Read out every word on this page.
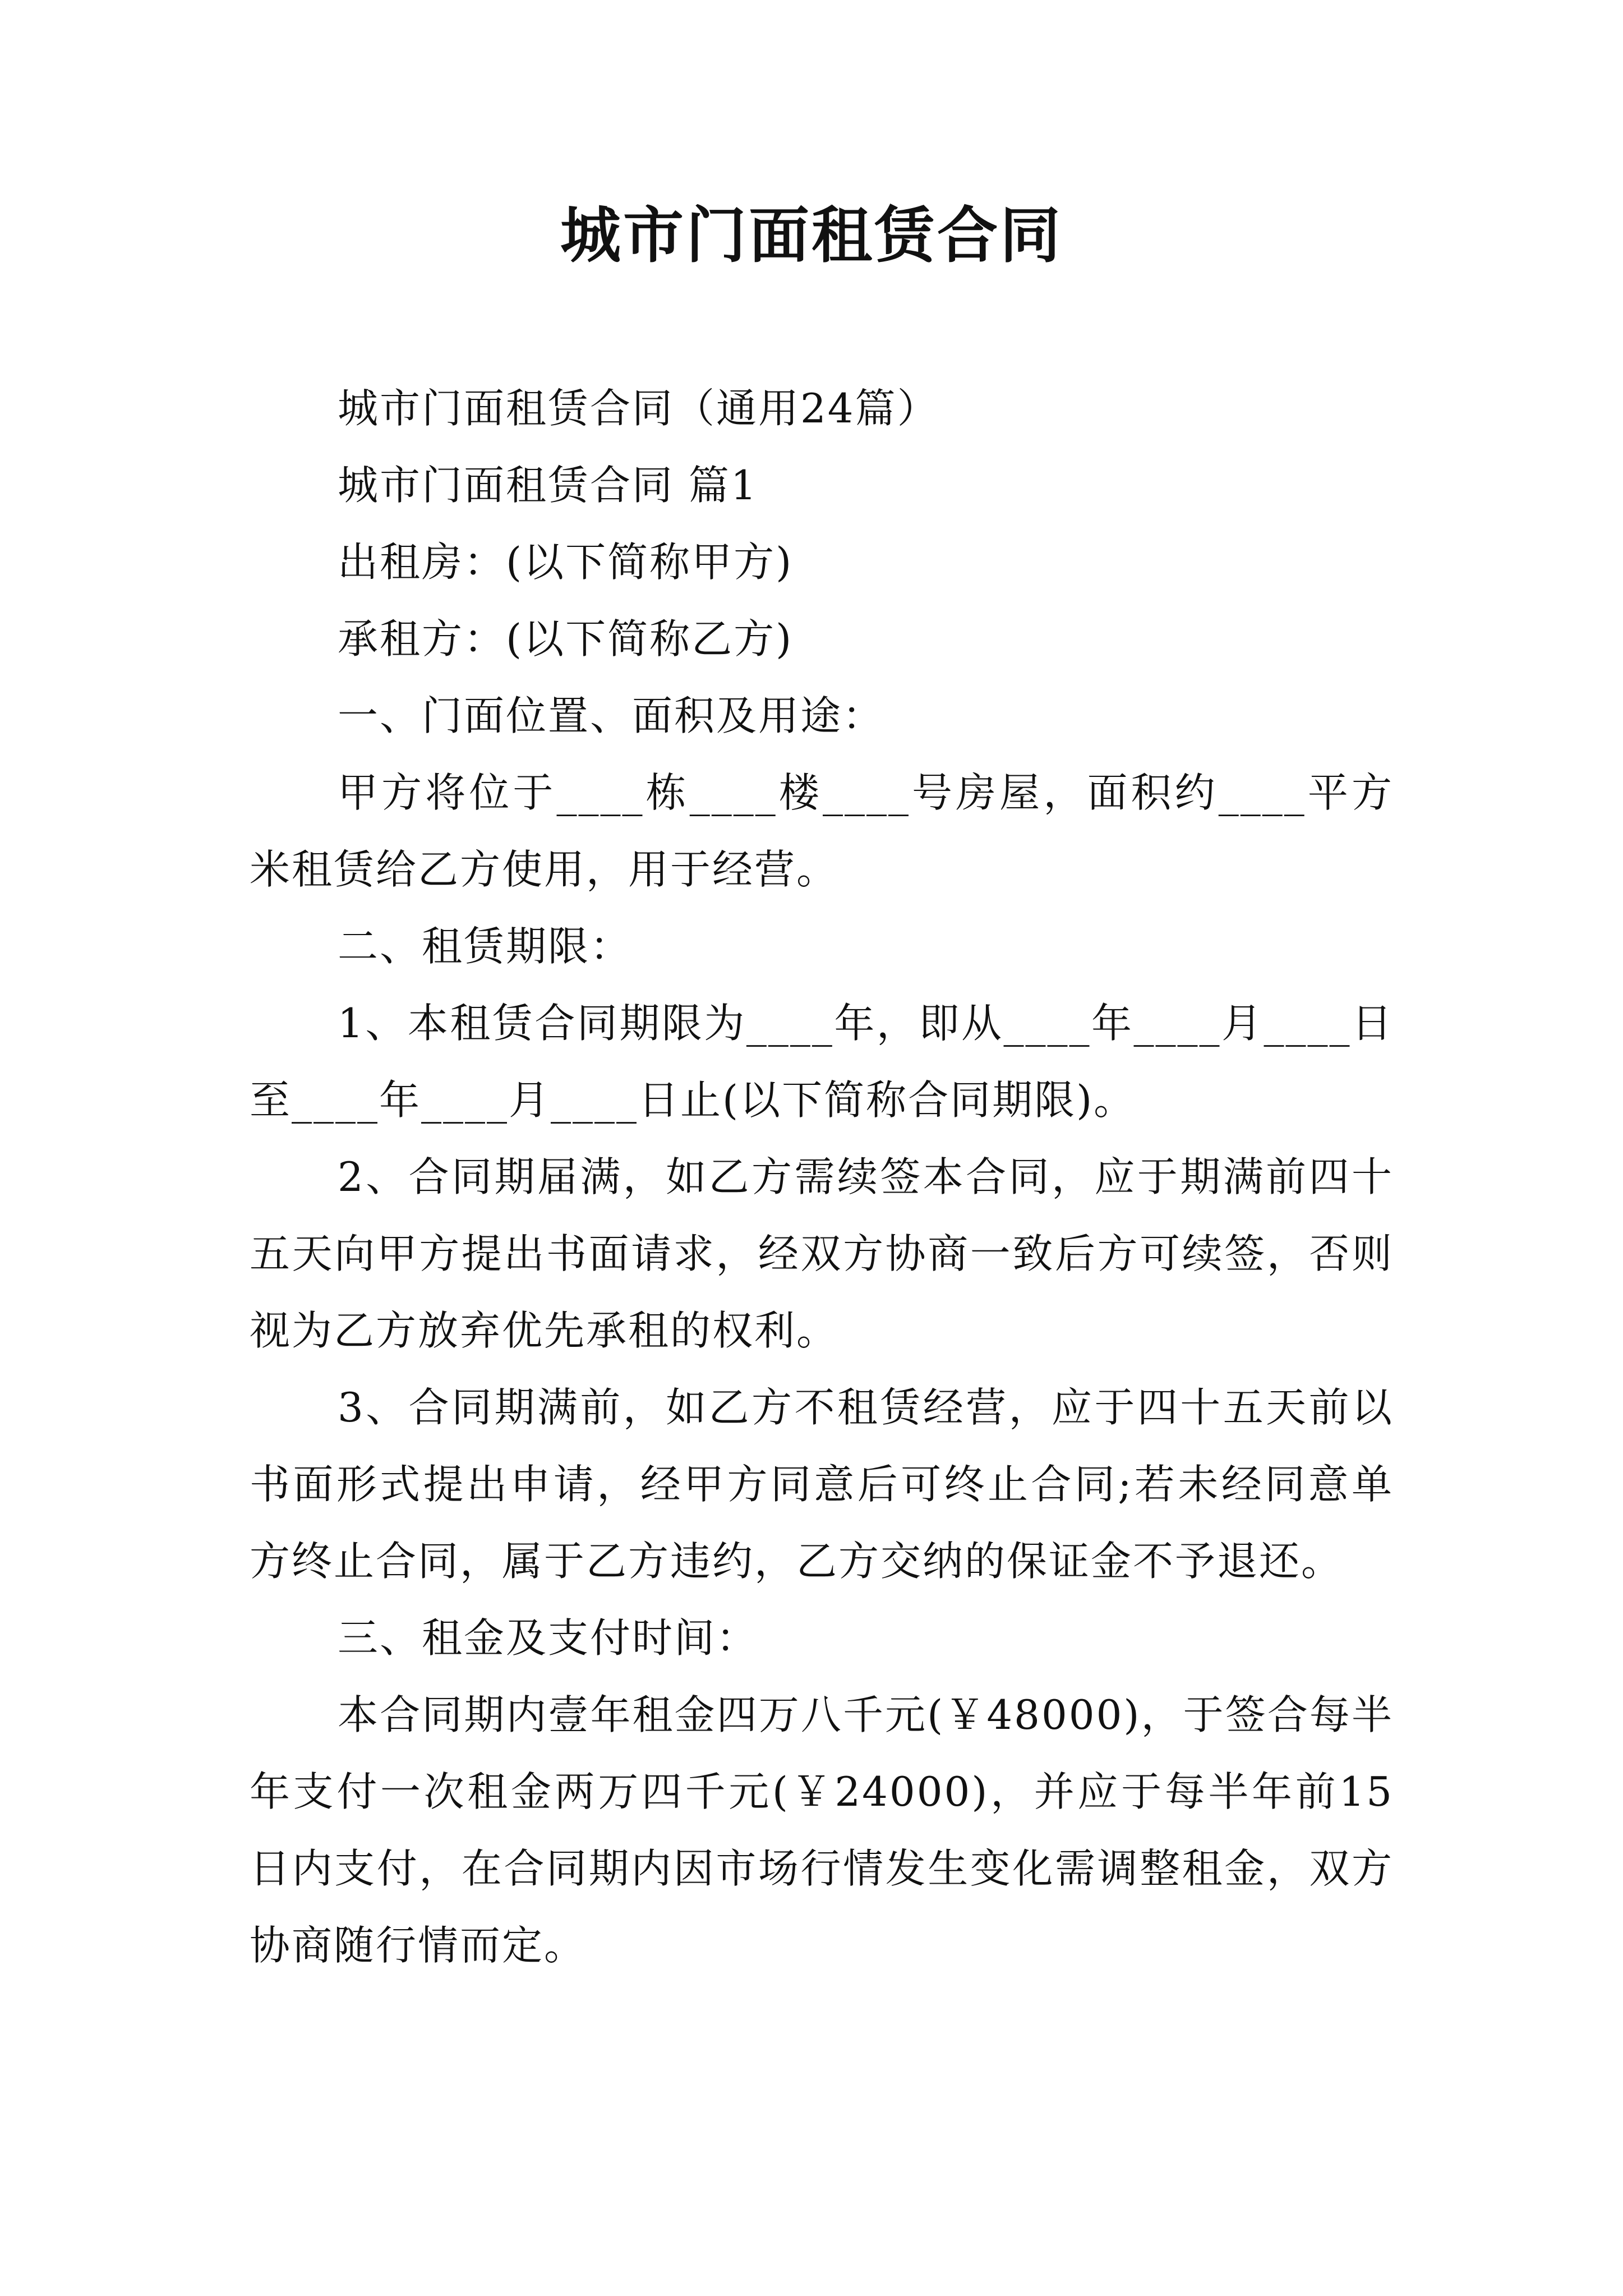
城市门面租赁合同

城市门面租赁合同（通用24篇）

城市门面租赁合同 篇1

出租房：(以下简称甲方)

承租方：(以下简称乙方)

一、门面位置、面积及用途：

甲方将位于____栋____楼____号房屋，面积约____平方米租赁给乙方使用，用于经营。

二、租赁期限：

1、本租赁合同期限为____年，即从____年____月____日至____年____月____日止(以下简称合同期限)。

2、合同期届满，如乙方需续签本合同，应于期满前四十五天向甲方提出书面请求，经双方协商一致后方可续签，否则视为乙方放弃优先承租的权利。

3、合同期满前，如乙方不租赁经营，应于四十五天前以书面形式提出申请，经甲方同意后可终止合同;若未经同意单方终止合同，属于乙方违约，乙方交纳的保证金不予退还。

三、租金及支付时间：

本合同期内壹年租金四万八千元(￥48000)，于签合每半年支付一次租金两万四千元(￥24000)，并应于每半年前15日内支付，在合同期内因市场行情发生变化需调整租金，双方协商随行情而定。
